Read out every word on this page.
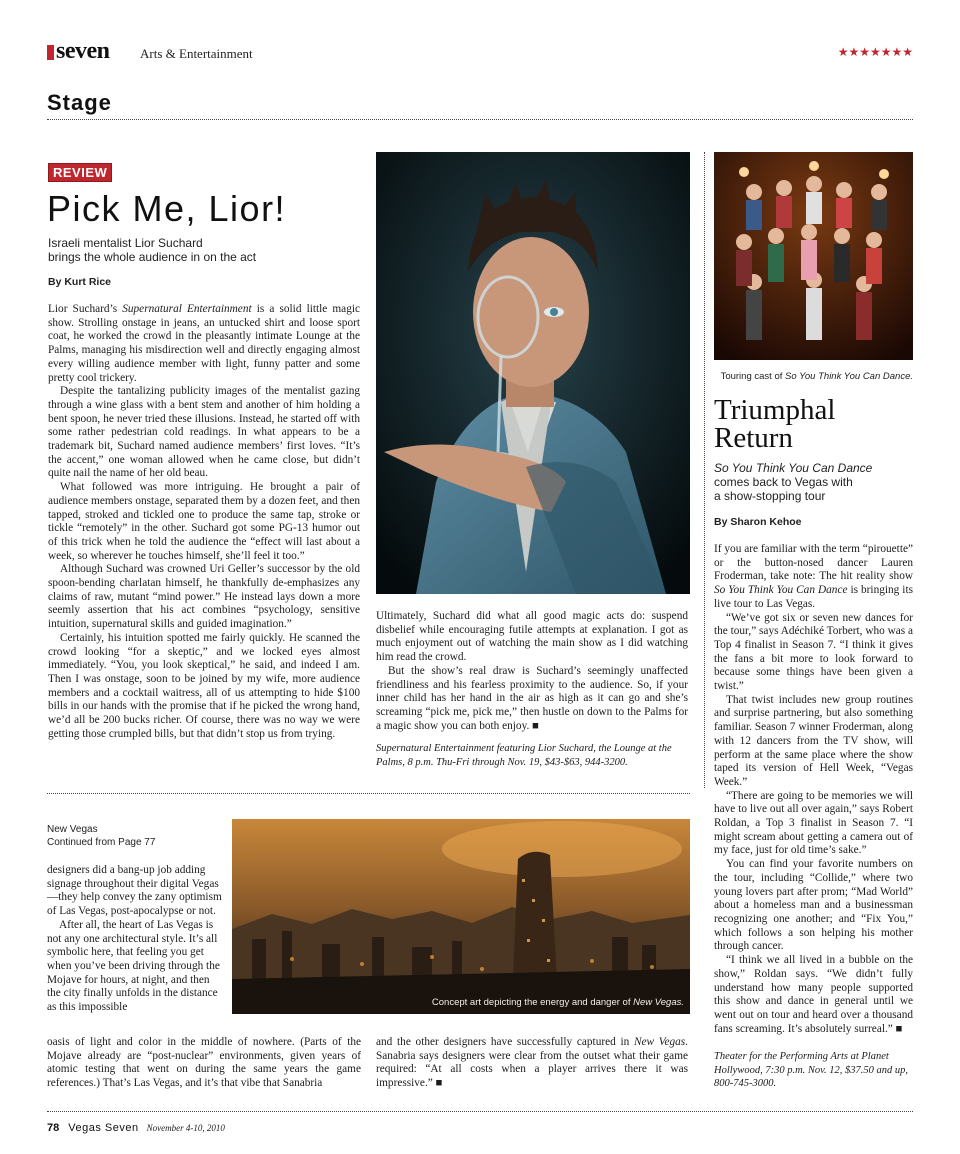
seven Arts & Entertainment	★★★★★★★
Stage
REVIEW
Pick Me, Lior!
Israeli mentalist Lior Suchard
brings the whole audience in on the act
By Kurt Rice

Lior Suchard’s Supernatural Entertainment is a solid little magic show. Strolling onstage in jeans, an untucked shirt and loose sport coat, he worked the crowd in the pleasantly intimate Lounge at the Palms, managing his misdirection well and directly engaging almost every willing audience member with light, funny patter and some pretty cool trickery.

Despite the tantalizing publicity images of the mentalist gazing through a wine glass with a bent stem and another of him holding a bent spoon, he never tried these illusions. Instead, he started off with some rather pedestrian cold readings. In what appears to be a trademark bit, Suchard named audience members’ first loves. “It’s the accent,” one woman allowed when he came close, but didn’t quite nail the name of her old beau.

What followed was more intriguing. He brought a pair of audience members onstage, separated them by a dozen feet, and then tapped, stroked and tickled one to produce the same tap, stroke or tickle “remotely” in the other. Suchard got some PG-13 humor out of this trick when he told the audience the “effect will last about a week, so wherever he touches himself, she’ll feel it too.”

Although Suchard was crowned Uri Geller’s successor by the old spoon-bending charlatan himself, he thankfully de-emphasizes any claims of raw, mutant “mind power.” He instead lays down a more seemly assertion that his act combines “psychology, sensitive intuition, supernatural skills and guided imagination.”

Certainly, his intuition spotted me fairly quickly. He scanned the crowd looking “for a skeptic,” and we locked eyes almost immediately. “You, you look skeptical,” he said, and indeed I am. Then I was onstage, soon to be joined by my wife, more audience members and a cocktail waitress, all of us attempting to hide $100 bills in our hands with the promise that if he picked the wrong hand, we’d all be 200 bucks richer. Of course, there was no way we were getting those crumpled bills, but that didn’t stop us from trying.

Ultimately, Suchard did what all good magic acts do: suspend disbelief while encouraging futile attempts at explanation. I got as much enjoyment out of watching the main show as I did watching him read the crowd.

But the show’s real draw is Suchard’s seemingly unaffected friendliness and his fearless proximity to the audience. So, if your inner child has her hand in the air as high as it can go and she’s screaming “pick me, pick me,” then hustle on down to the Palms for a magic show you can both enjoy. ■

Supernatural Entertainment featuring Lior Suchard, the Lounge at the Palms, 8 p.m. Thu-Fri through Nov. 19, $43-$63, 944-3200.
Touring cast of So You Think You Can Dance.
Triumphal
Return
So You Think You Can Dance
comes back to Vegas with
a show-stopping tour
By Sharon Kehoe

If you are familiar with the term “pirouette” or the button-nosed dancer Lauren Froderman, take note: The hit reality show So You Think You Can Dance is bringing its live tour to Las Vegas.

“We’ve got six or seven new dances for the tour,” says Adéchiké Torbert, who was a Top 4 finalist in Season 7. “I think it gives the fans a bit more to look forward to because some things have been given a twist.”

That twist includes new group routines and surprise partnering, but also something familiar. Season 7 winner Froderman, along with 12 dancers from the TV show, will perform at the same place where the show taped its version of Hell Week, “Vegas Week.”

“There are going to be memories we will have to live out all over again,” says Robert Roldan, a Top 3 finalist in Season 7. “I might scream about getting a camera out of my face, just for old time’s sake.”

You can find your favorite numbers on the tour, including “Collide,” where two young lovers part after prom; “Mad World” about a homeless man and a businessman recognizing one another; and “Fix You,” which follows a son helping his mother through cancer.

“I think we all lived in a bubble on the show,” Roldan says. “We didn’t fully understand how many people supported this show and dance in general until we went out on tour and heard over a thousand fans screaming. It’s absolutely surreal.” ■

Theater for the Performing Arts at Planet Hollywood, 7:30 p.m. Nov. 12, $37.50 and up, 800-745-3000.
New Vegas
Continued from Page 77
Concept art depicting the energy and danger of New Vegas.

designers did a bang-up job adding signage throughout their digital Vegas—they help convey the zany optimism of Las Vegas, post-apocalypse or not.

After all, the heart of Las Vegas is not any one architectural style. It’s all symbolic here, that feeling you get when you’ve been driving through the Mojave for hours, at night, and then the city finally unfolds in the distance as this impossible

oasis of light and color in the middle of nowhere. (Parts of the Mojave already are “post-nuclear” environments, given years of atomic testing that went on during the same years the game references.) That’s Las Vegas, and it’s that vibe that Sanabria
and the other designers have successfully captured in New Vegas. Sanabria says designers were clear from the outset what their game required: “At all costs when a player arrives there it was impressive.” ■
78 Vegas Seven November 4-10, 2010
